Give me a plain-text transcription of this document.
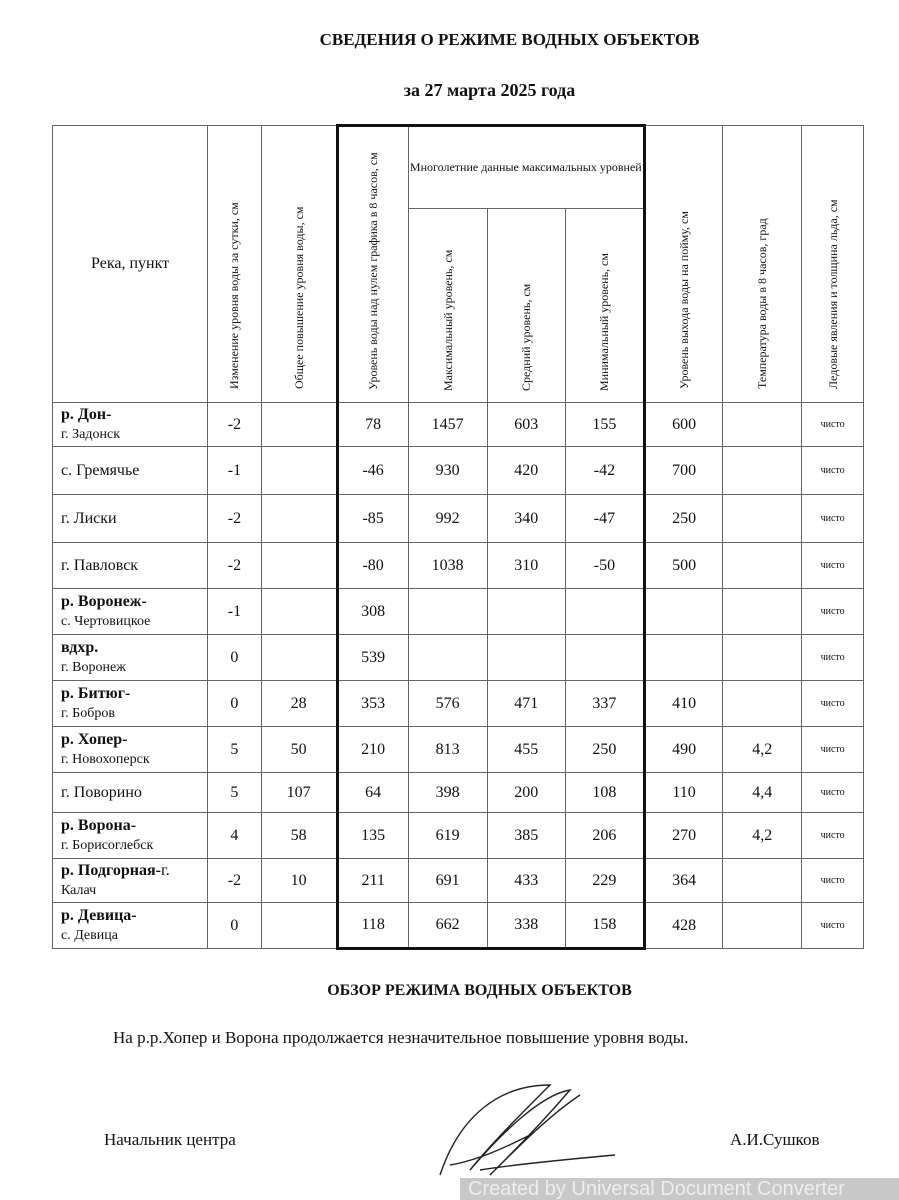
СВЕДЕНИЯ О РЕЖИМЕ ВОДНЫХ ОБЪЕКТОВ
за 27 марта 2025 года
Река, пункт	Изменение уровня воды за сутки, см	Общее повышение уровня воды, см	Уровень воды над нулем графика в 8 часов, см	Многолетние данные максимальных уровней			Уровень выхода воды на пойму, см	Температура воды в 8 часов, град	Ледовые явления и толщина льда, см

				Максимальный уровень, см	Средний уровень, см	Минимальный уровень, см			

р. Дон-
г. Задонск	-2		78	1457	603	155	600		чисто
с. Гремячье	-1		-46	930	420	-42	700		чисто
г. Лиски	-2		-85	992	340	-47	250		чисто
г. Павловск	-2		-80	1038	310	-50	500		чисто
р. Воронеж-
с. Чертовицкое	-1		308						чисто
вдхр.
г. Воронеж	0		539						чисто
р. Битюг-
г. Бобров	0	28	353	576	471	337	410		чисто
р. Хопер-
г. Новохоперск	5	50	210	813	455	250	490	4,2	чисто
г. Поворино	5	107	64	398	200	108	110	4,4	чисто
р. Ворона-
г. Борисоглебск	4	58	135	619	385	206	270	4,2	чисто
р. Подгорная-г.
Калач	-2	10	211	691	433	229	364		чисто
р. Девица-
с. Девица	0		118	662	338	158	428		чисто
ОБЗОР РЕЖИМА ВОДНЫХ ОБЪЕКТОВ
На р.р.Хопер и Ворона продолжается незначительное повышение уровня воды.
Начальник центра	А.И.Сушков
Created by Universal Document Converter
